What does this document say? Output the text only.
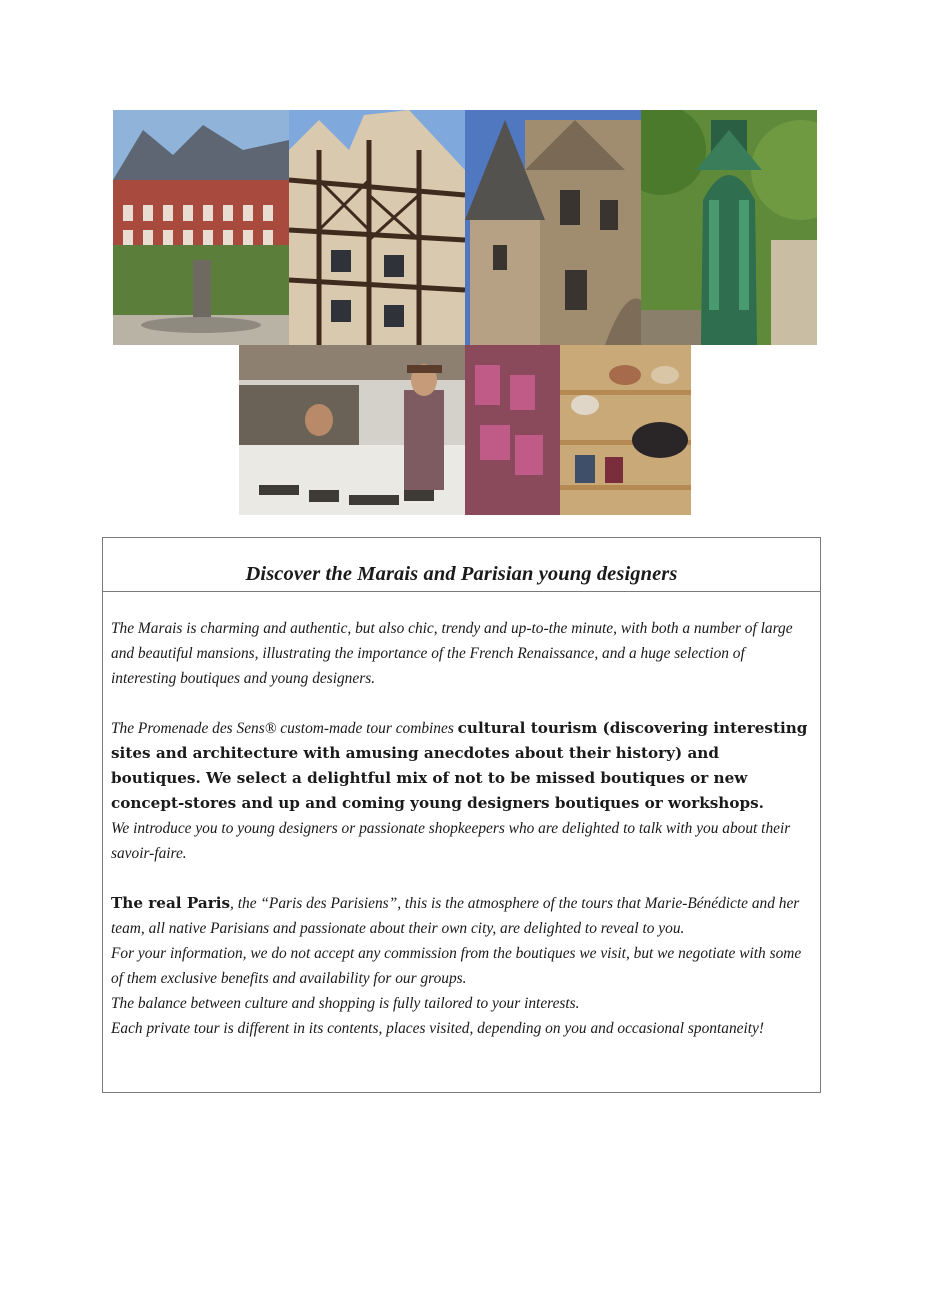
Discover the Marais and Parisian young designers

The Marais is charming and authentic, but also chic, trendy and up-to-the minute, with both a number of large and beautiful mansions, illustrating the importance of the French Renaissance, and a huge selection of interesting boutiques and young designers.

The Promenade des Sens® custom-made tour combines cultural tourism (discovering interesting sites and architecture with amusing anecdotes about their history) and boutiques. We select a delightful mix of not to be missed boutiques or new concept-stores and up and coming young designers boutiques or workshops.

We introduce you to young designers or passionate shopkeepers who are delighted to talk with you about their savoir-faire.

The real Paris, the “Paris des Parisiens”, this is the atmosphere of the tours that Marie-Bénédicte and her team, all native Parisians and passionate about their own city, are delighted to reveal to you.

For your information, we do not accept any commission from the boutiques we visit, but we negotiate with some of them exclusive benefits and availability for our groups.

The balance between culture and shopping is fully tailored to your interests.

Each private tour is different in its contents, places visited, depending on you and occasional spontaneity!
